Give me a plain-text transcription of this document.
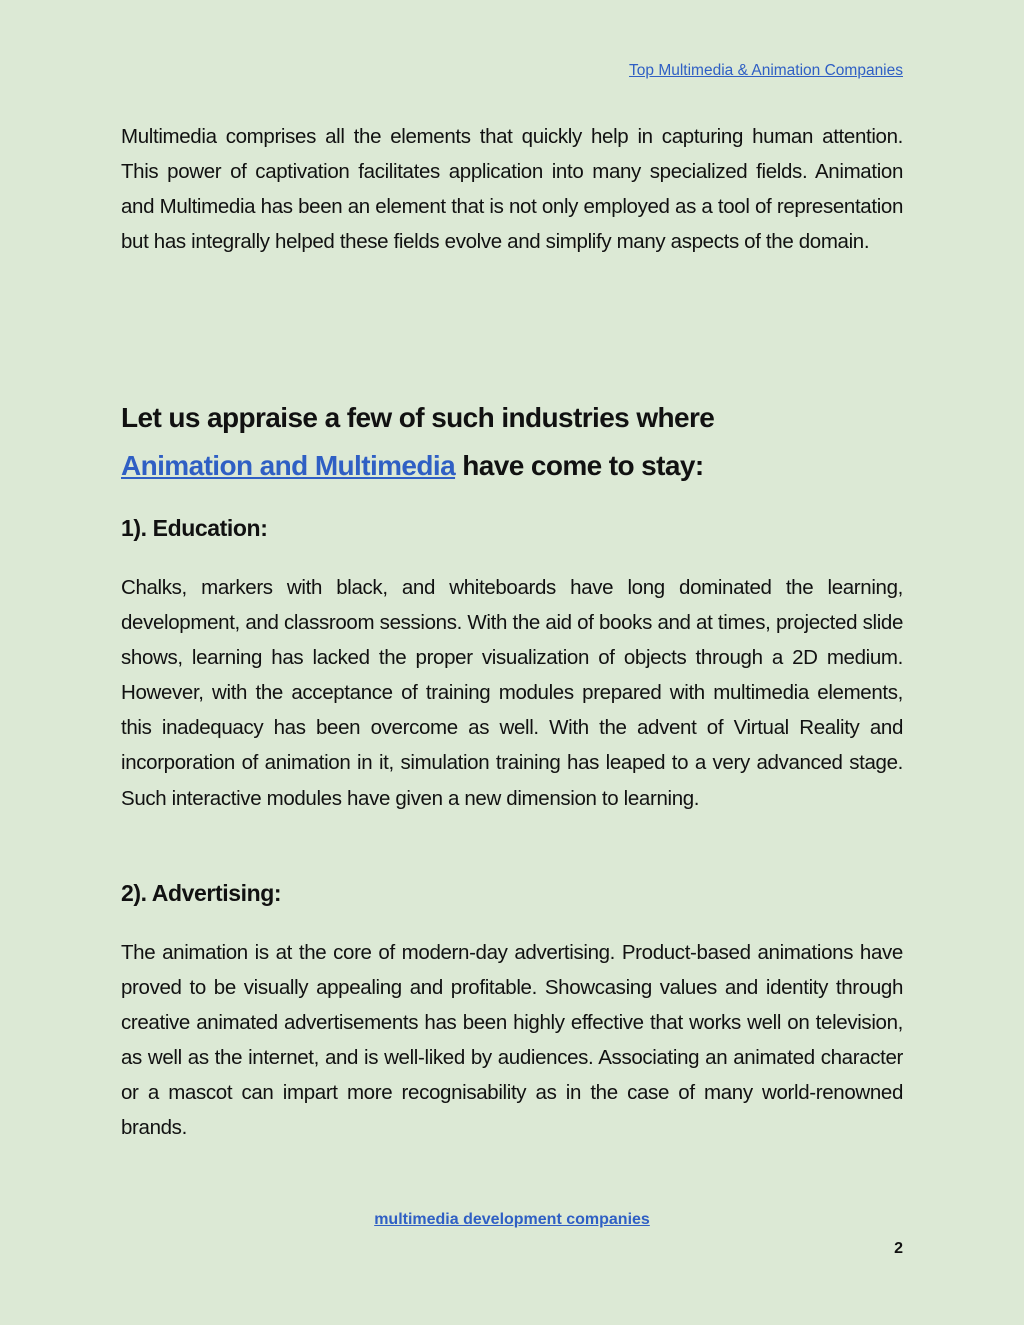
Top Multimedia & Animation Companies

Multimedia comprises all the elements that quickly help in capturing human attention. This power of captivation facilitates application into many specialized fields. Animation and Multimedia has been an element that is not only employed as a tool of representation but has integrally helped these fields evolve and simplify many aspects of the domain.

Let us appraise a few of such industries where
Animation and Multimedia have come to stay:
1). Education:

Chalks, markers with black, and whiteboards have long dominated the learning, development, and classroom sessions. With the aid of books and at times, projected slide shows, learning has lacked the proper visualization of objects through a 2D medium. However, with the acceptance of training modules prepared with multimedia elements, this inadequacy has been overcome as well. With the advent of Virtual Reality and incorporation of animation in it, simulation training has leaped to a very advanced stage. Such interactive modules have given a new dimension to learning.

2). Advertising:

The animation is at the core of modern-day advertising. Product-based animations have proved to be visually appealing and profitable. Showcasing values and identity through creative animated advertisements has been highly effective that works well on television, as well as the internet, and is well-liked by audiences. Associating an animated character or a mascot can impart more recognisability as in the case of many world-renowned brands.

multimedia development companies
2
